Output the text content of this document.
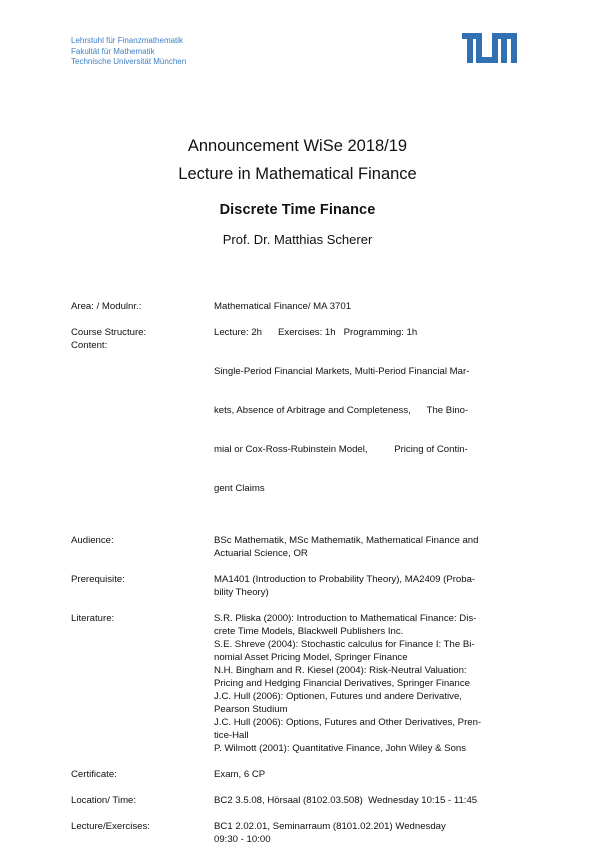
Lehrstuhl für Finanzmathematik
Fakultät für Mathematik
Technische Universität München
Announcement WiSe 2018/19
Lecture in Mathematical Finance
Discrete Time Finance
Prof. Dr. Matthias Scherer
Area: / Modulnr.:	Mathematical Finance/ MA 3701
Course Structure:	Lecture: 2h      Exercises: 1h   Programming: 1h
Content:

Single-Period Financial Markets, Multi-Period Financial Mar-

kets, Absence of Arbitrage and Completeness,      The Bino-

mial or Cox-Ross-Rubinstein Model,          Pricing of Contin-

gent Claims

Audience:	BSc Mathematik, MSc Mathematik, Mathematical Finance and
Actuarial Science, OR
Prerequisite:	MA1401 (Introduction to Probability Theory), MA2409 (Proba-
bility Theory)
Literature:	S.R. Pliska (2000): Introduction to Mathematical Finance: Dis-
crete Time Models, Blackwell Publishers Inc.
S.E. Shreve (2004): Stochastic calculus for Finance I: The Bi-
nomial Asset Pricing Model, Springer Finance
N.H. Bingham and R. Kiesel (2004): Risk-Neutral Valuation:
Pricing and Hedging Financial Derivatives, Springer Finance
J.C. Hull (2006): Optionen, Futures und andere Derivative,
Pearson Studium
J.C. Hull (2006): Options, Futures and Other Derivatives, Pren-
tice-Hall
P. Wilmott (2001): Quantitative Finance, John Wiley & Sons
Certificate:	Exam, 6 CP
Location/ Time:	BC2 3.5.08, Hörsaal (8102.03.508)  Wednesday 10:15 - 11:45
Lecture/Exercises:	BC1 2.02.01, Seminarraum (8101.02.201) Wednesday
09:30 - 10:00
